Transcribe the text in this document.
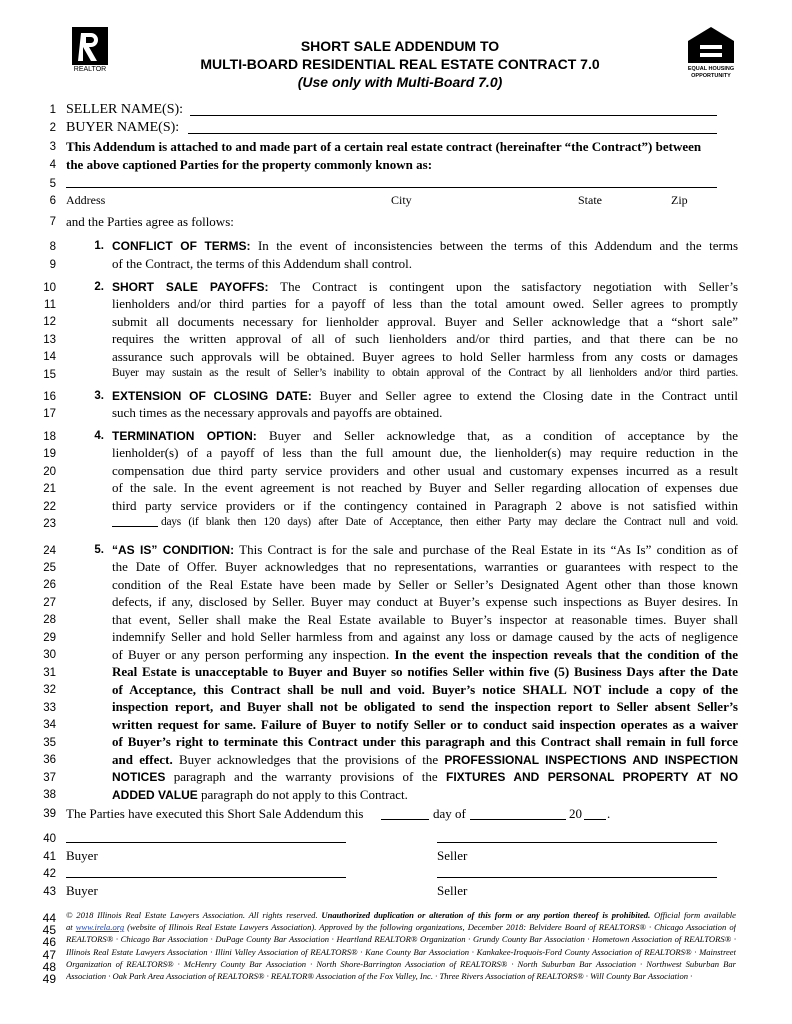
REALTOR	EQUAL HOUSING
OPPORTUNITY
SHORT SALE ADDENDUM TO
MULTI-BOARD RESIDENTIAL REAL ESTATE CONTRACT 7.0
(Use only with Multi-Board 7.0)
1
2
3
4
5
6
7
8
9
10
11
12
13
14
15
16
17
18
19
20
21
22
23
24
25
26
27
28
29
30
31
32
33
34
35
36
37
38
39
40
41
42
43
44
45
46
47
48
49
SELLER NAME(S):
BUYER NAME(S):
This Addendum is attached to and made part of a certain real estate contract (hereinafter “the Contract”) between
the above captioned Parties for the property commonly known as:
Address	City	State	Zip
and the Parties agree as follows:
1. CONFLICT OF TERMS: In the event of inconsistencies between the terms of this Addendum and the terms
of the Contract, the terms of this Addendum shall control.
2. SHORT SALE PAYOFFS: The Contract is contingent upon the satisfactory negotiation with Seller’s
lienholders and/or third parties for a payoff of less than the total amount owed. Seller agrees to promptly
submit all documents necessary for lienholder approval. Buyer and Seller acknowledge that a “short sale”
requires the written approval of all of such lienholders and/or third parties, and that there can be no
assurance such approvals will be obtained. Buyer agrees to hold Seller harmless from any costs or damages
Buyer may sustain as the result of Seller’s inability to obtain approval of the Contract by all lienholders and/or third parties.
3. EXTENSION OF CLOSING DATE: Buyer and Seller agree to extend the Closing date in the Contract until
such times as the necessary approvals and payoffs are obtained.
4. TERMINATION OPTION: Buyer and Seller acknowledge that, as a condition of acceptance by the
lienholder(s) of a payoff of less than the full amount due, the lienholder(s) may require reduction in the
compensation due third party service providers and other usual and customary expenses incurred as a result
of the sale. In the event agreement is not reached by Buyer and Seller regarding allocation of expenses due
third party service providers or if the contingency contained in Paragraph 2 above is not satisfied within
days (if blank then 120 days) after Date of Acceptance, then either Party may declare the Contract null and void.
5. “AS IS” CONDITION: This Contract is for the sale and purchase of the Real Estate in its “As Is” condition as of
the Date of Offer. Buyer acknowledges that no representations, warranties or guarantees with respect to the
condition of the Real Estate have been made by Seller or Seller’s Designated Agent other than those known
defects, if any, disclosed by Seller. Buyer may conduct at Buyer’s expense such inspections as Buyer desires. In
that event, Seller shall make the Real Estate available to Buyer’s inspector at reasonable times. Buyer shall
indemnify Seller and hold Seller harmless from and against any loss or damage caused by the acts of negligence
of Buyer or any person performing any inspection. In the event the inspection reveals that the condition of the
Real Estate is unacceptable to Buyer and Buyer so notifies Seller within five (5) Business Days after the Date
of Acceptance, this Contract shall be null and void. Buyer’s notice SHALL NOT include a copy of the
inspection report, and Buyer shall not be obligated to send the inspection report to Seller absent Seller’s
written request for same. Failure of Buyer to notify Seller or to conduct said inspection operates as a waiver
of Buyer’s right to terminate this Contract under this paragraph and this Contract shall remain in full force
and effect. Buyer acknowledges that the provisions of the PROFESSIONAL INSPECTIONS AND INSPECTION
NOTICES paragraph and the warranty provisions of the FIXTURES AND PERSONAL PROPERTY AT NO
ADDED VALUE paragraph do not apply to this Contract.
The Parties have executed this Short Sale Addendum this	day of	20 .
Buyer	Seller
Buyer	Seller
© 2018 Illinois Real Estate Lawyers Association. All rights reserved. Unauthorized duplication or alteration of this form or any portion thereof is prohibited. Official form available
at www.irela.org (website of Illinois Real Estate Lawyers Association). Approved by the following organizations, December 2018: Belvidere Board of REALTORS® · Chicago Association of
REALTORS® · Chicago Bar Association · DuPage County Bar Association · Heartland REALTOR® Organization · Grundy County Bar Association · Hometown Association of REALTORS® ·
Illinois Real Estate Lawyers Association · Illini Valley Association of REALTORS® · Kane County Bar Association · Kankakee-Iroquois-Ford County Association of REALTORS® · Mainstreet
Organization of REALTORS® · McHenry County Bar Association · North Shore-Barrington Association of REALTORS® · North Suburban Bar Association · Northwest Suburban Bar
Association · Oak Park Area Association of REALTORS® · REALTOR® Association of the Fox Valley, Inc. · Three Rivers Association of REALTORS® · Will County Bar Association ·
